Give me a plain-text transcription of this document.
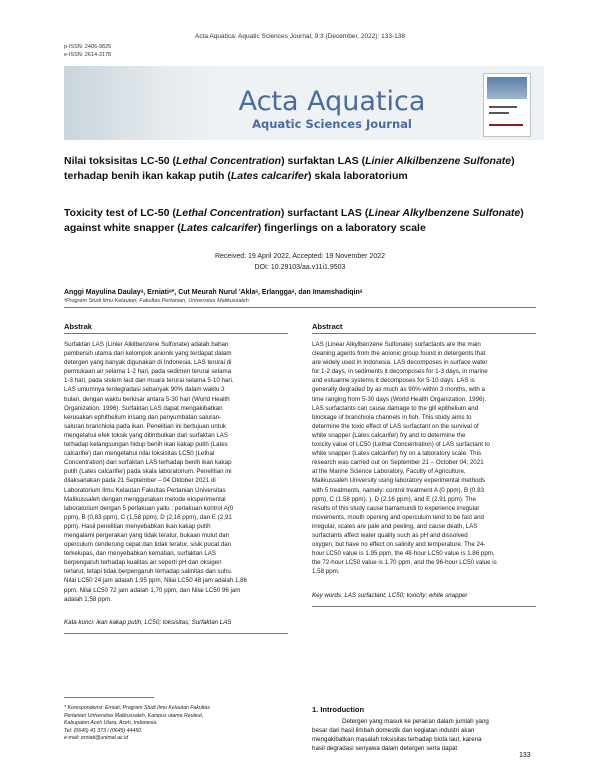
Acta Aquatica: Aquatic Sciences Journal, 9:3 (December, 2022): 133-138
p-ISSN: 2406-9825
e-ISSN: 2614-3178
Acta Aquatica
Aquatic Sciences Journal
Nilai toksisitas LC-50 (Lethal Concentration) surfaktan LAS (Linier Alkilbenzene Sulfonate)
terhadap benih ikan kakap putih (Lates calcarifer) skala laboratorium
Toxicity test of LC-50 (Lethal Concentration) surfactant LAS (Linear Alkylbenzene Sulfonate)
against white snapper (Lates calcarifer) fingerlings on a laboratory scale
Received: 19 April 2022, Accepted: 19 November 2022
DOI: 10.29103/aa.v11i1.9503
Anggi Mayulina Daulayᵃ, Erniatiᵃ*, Cut Meurah Nurul 'Aklaᵃ, Erlanggaᵃ, dan Imamshadiqinᵃ
ᵃProgram Studi Ilmu Kelautan, Fakultas Pertanian, Universitas Malikussaleh
Abstrak
Surfaktan LAS (Linier Alkilbenzene Sulfonate) adalah bahan
pembersih utama dari kelompok anionik yang terdapat dalam
detergen yang banyak digunakan di Indonesia. LAS terurai di
permukaan air selama 1-2 hari, pada sedimen terurai selama
1-3 hari, pada sistem laut dan muara terurai selama 5-10 hari.
LAS umumnya terdegradasi sebanyak 90% dalam waktu 3
bulan, dengan waktu berkisar antara 5-30 hari (World Health
Organization, 1996). Surfaktan LAS dapat mengakibatkan
kerusakan ephithelium insang dan penyumbatan saluran-
saluran branchiola pada ikan. Penelitian ini bertujuan untuk
mengetahui efek toksik yang ditimbulkan dari surfaktan LAS
terhadap kelangsungan hidup benih ikan kakap putih (Lates
calcarifer) dan mengetahui nilai toksisitas LC50 (Lethal
Concentration) dari surfaktan LAS terhadap benih ikan kakap
putih (Lates calcarifer) pada skala laboratorium. Penelitian ini
dilaksanakan pada 21 September – 04 Oktober 2021 di
Laboratorium Ilmu Kelautan Fakultas Pertanian Universitas
Malikussaleh dengan menggunakan metode eksperimental
laboratorium dengan 5 perlakuan yaitu : perlakuan kontrol A(0
ppm), B (0,83 ppm), C (1,58 ppm), D (2,16 ppm), dan E (2,91
ppm). Hasil penelitian menyebabkan ikan kakap putih
mengalami pergerakan yang tidak teratur, bukaan mulut dan
operculum cenderung cepat dan tidak teratur, sisik pucat dan
terkelupas, dan menyebabkan kematian, surfaktan LAS
berpengaruh terhadap kualitas air seperti pH dan oksigen
terlarut, tetapi tidak berpengaruh terhadap salinitas dan suhu.
Nilai LC50 24 jam adalah 1,95 ppm, Nilai LC50 48 jam adalah 1,86
ppm, Nilai LC50 72 jam adalah 1,70 ppm, dan Nilai LC50 96 jam
adalah 1,58 ppm.
Kata kunci: ikan kakap putih; LC50; toksisitas; Surfaktan LAS
Abstract
LAS (Linear Alkylbenzene Sulfonate) surfactants are the main
cleaning agents from the anionic group found in detergents that
are widely used in Indonesia. LAS decomposes in surface water
for 1-2 days, in sediments it decomposes for 1-3 days, in marine
and estuarine systems it decomposes for 5-10 days. LAS is
generally degraded by as much as 90% within 3 months, with a
time ranging from 5-30 days (World Health Organization, 1996).
LAS surfactants can cause damage to the gill epithelium and
blockage of branchiola channels in fish. This study aims to
determine the toxic effect of LAS surfactant on the survival of
white snapper (Lates calcarifer) fry and to determine the
toxicity value of LC50 (Lethal Concentration) of LAS surfactant to
white snapper (Lates calcarifer) fry on a laboratory scale. This
research was carried out on September 21 – October 04, 2021
at the Marine Science Laboratory, Faculty of Agriculture,
Malikussaleh University using laboratory experimental methods
with 5 treatments, namely: control treatment A (0 ppm), B (0.83
ppm), C (1.58 ppm). ), D (2.16 ppm), and E (2.91 ppm). The
results of this study cause barramundi to experience irregular
movements, mouth opening and operculum tend to be fast and
irregular, scales are pale and peeling, and cause death, LAS
surfactants affect water quality such as pH and dissolved
oxygen, but have no effect on salinity and temperature. The 24-
hour LC50 value is 1.95 ppm, the 48-hour LC50 value is 1.86 ppm,
the 72-hour LC50 value is 1.70 ppm, and the 96-hour LC50 value is
1.58 ppm.
Key words: LAS surfactant; LC50; toxicity; white snapper
* Korespondensi: Erniati, Program Studi Ilmu Kelautan Fakultas
Pertanian Universitas Malikussaleh. Kampus utama Reuleut,
Kabupaten Aceh Utara, Aceh, Indonesia.
Tel: (0645) 41 373 / (0645) 44450.
e-mail: erniati@unimal.ac.id
1. Introduction
Detergen yang masuk ke perairan dalam jumlah yang
besar dari hasil limbah domestik dan kegiatan industri akan
mengakibatkan masalah toksisitas terhadap biota laut, karena
hasil degradasi senyawa dalam detergen serta dapat
133
